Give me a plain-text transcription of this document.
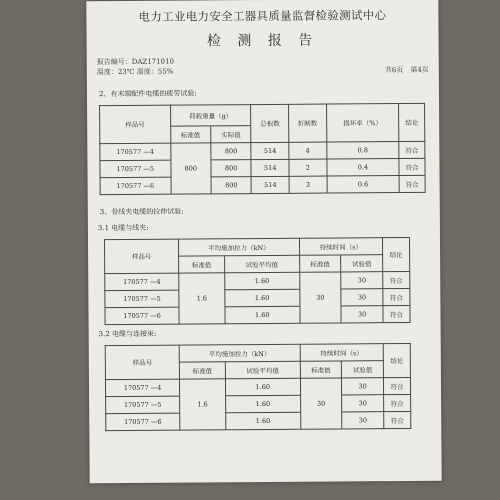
电力工业电力安全工器具质量监督检验测试中心
检 测 报 告
报告编号：DAZ171010
温度：23℃ 湿度：55%	共6页　第4页
2、有末端配件电缆的疲劳试验:
样品号	荷载重量（g）		总根数	折断数	损坏率（%）	结论
	标准值	实际值				
170577 —4	800	800	514	4	0.8	符合
170577 —5		800	514	2	0.4	符合
170577 —6		800	514	3	0.6	符合
3、骨线夹电缆的拉伸试验:
3.1 电缆与线夹:
样品号	平均施加拉力（kN）		持续时间（s）		结论
	标准值	试验平均值	标准值	试验值	
170577 —4	1.6	1.60	30	30	符合
170577 —5		1.60		30	符合
170577 —6		1.60		30	符合
3.2 电缆与连接束:
样品号	平均施加拉力（kN）		持续时间（s）		结论
	标准值	试验平均值	标准值	试验值	
170577 —4	1.6	1.60	30	30	符合
170577 —5		1.60		30	符合
170577 —6		1.60		30	符合
